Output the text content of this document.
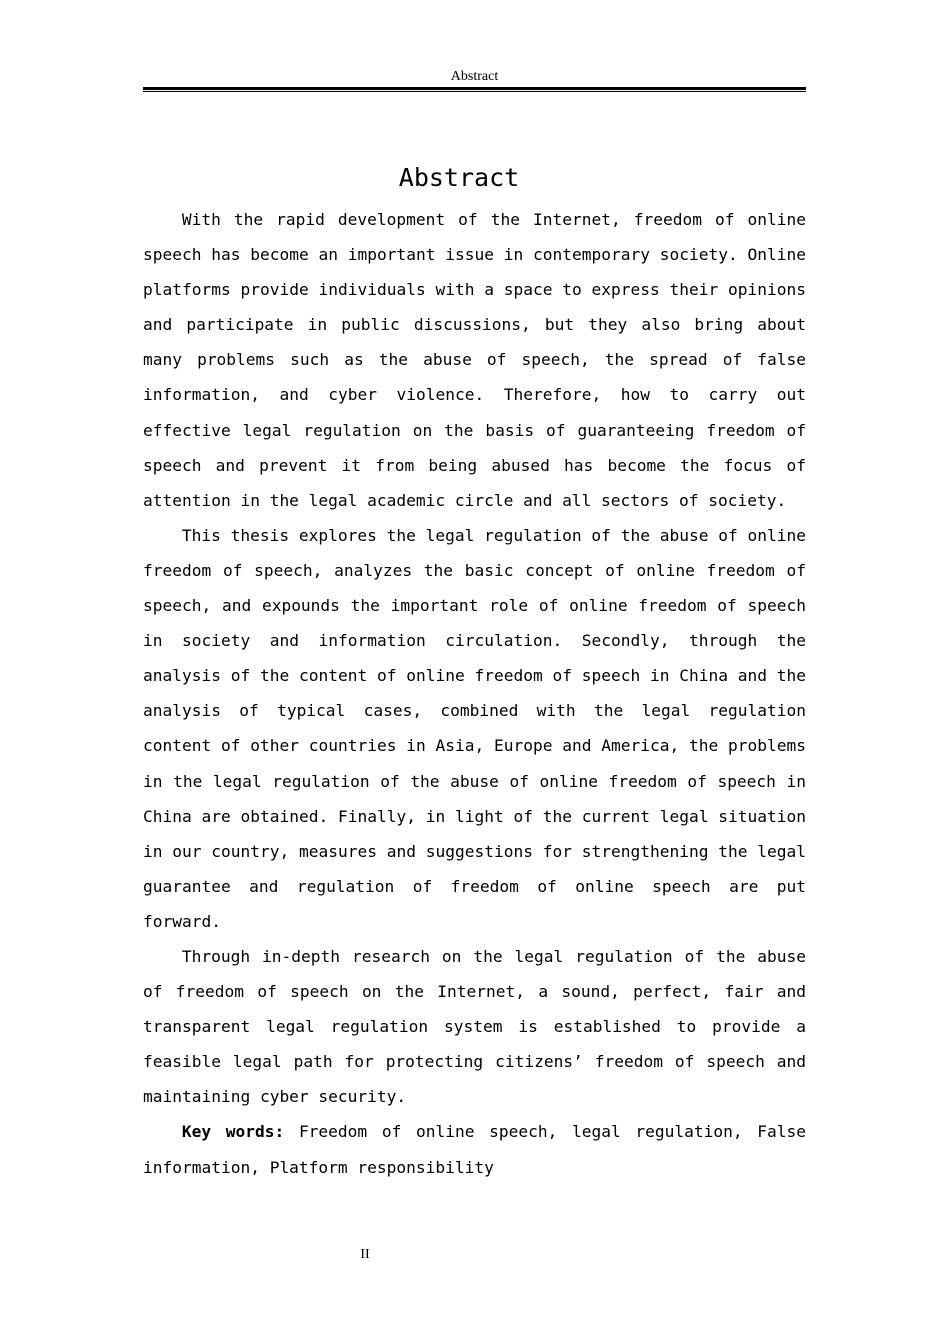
Abstract
Abstract

With the rapid development of the Internet, freedom of online speech has become an important issue in contemporary society. Online platforms provide individuals with a space to express their opinions and participate in public discussions, but they also bring about many problems such as the abuse of speech, the spread of false information, and cyber violence. Therefore, how to carry out effective legal regulation on the basis of guaranteeing freedom of speech and prevent it from being abused has become the focus of attention in the legal academic circle and all sectors of society.

This thesis explores the legal regulation of the abuse of online freedom of speech, analyzes the basic concept of online freedom of speech, and expounds the important role of online freedom of speech in society and information circulation. Secondly, through the analysis of the content of online freedom of speech in China and the analysis of typical cases, combined with the legal regulation content of other countries in Asia, Europe and America, the problems in the legal regulation of the abuse of online freedom of speech in China are obtained. Finally, in light of the current legal situation in our country, measures and suggestions for strengthening the legal guarantee and regulation of freedom of online speech are put forward.

Through in-depth research on the legal regulation of the abuse of freedom of speech on the Internet, a sound, perfect, fair and transparent legal regulation system is established to provide a feasible legal path for protecting citizens’ freedom of speech and maintaining cyber security.

Key words: Freedom of online speech, legal regulation, False information, Platform responsibility

II
